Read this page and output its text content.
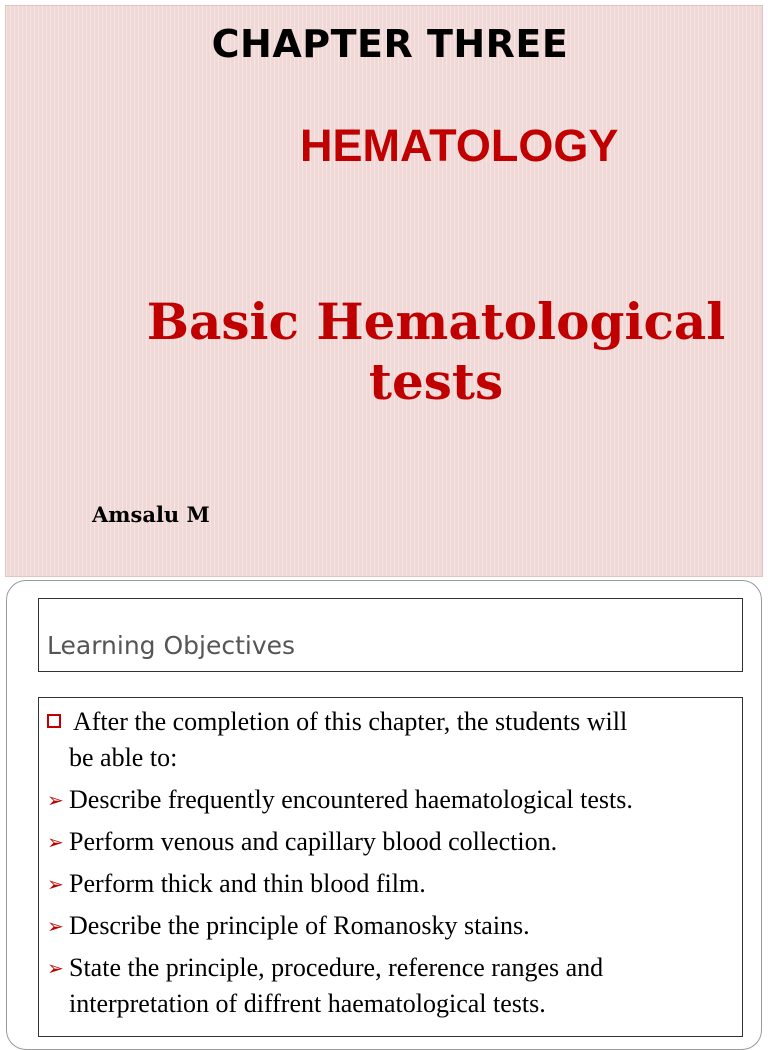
CHAPTER THREE
HEMATOLOGY
Basic Hematological
tests
Amsalu M
Learning Objectives
After the completion of this chapter, the students will
be able to:
➢ Describe frequently encountered haematological tests.
➢ Perform venous and capillary blood collection.
➢ Perform thick and thin blood film.
➢ Describe the principle of Romanosky stains.
➢ State the principle, procedure, reference ranges and interpretation of diffrent haematological tests.
